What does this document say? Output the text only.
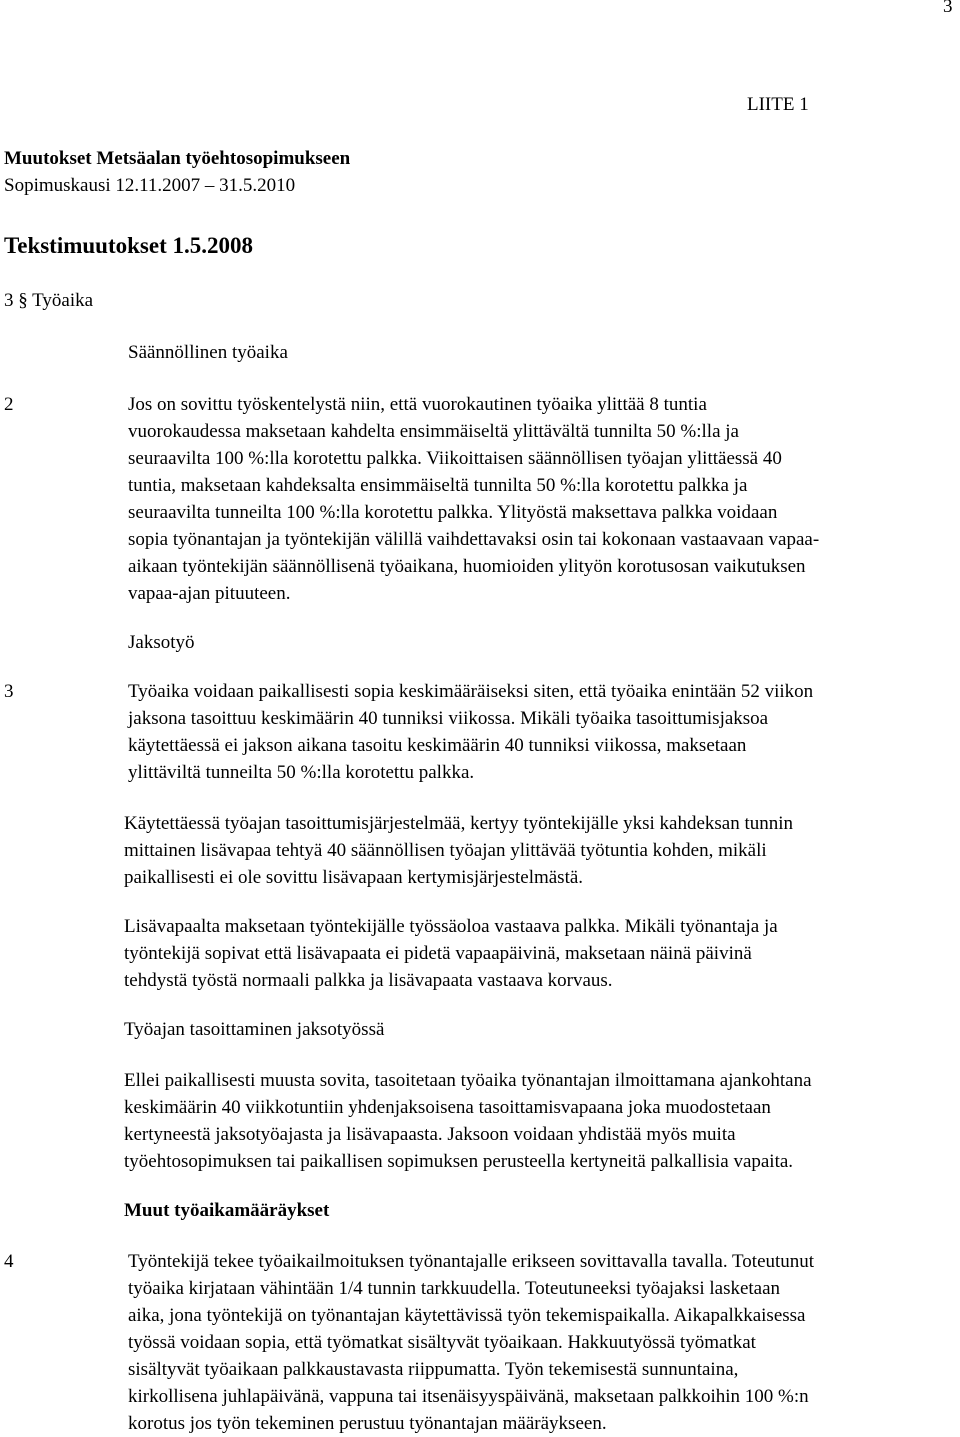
3
LIITE 1
Muutokset Metsäalan työehtosopimukseen
Sopimuskausi 12.11.2007 – 31.5.2010
Tekstimuutokset 1.5.2008
3 § Työaika
Säännöllinen työaika
2	Jos on sovittu työskentelystä niin, että vuorokautinen työaika ylittää 8 tuntia
vuorokaudessa maksetaan kahdelta ensimmäiseltä ylittävältä tunnilta 50 %:lla ja
seuraavilta 100 %:lla korotettu palkka. Viikoittaisen säännöllisen työajan ylittäessä 40
tuntia, maksetaan kahdeksalta ensimmäiseltä tunnilta 50 %:lla korotettu palkka ja
seuraavilta tunneilta 100 %:lla korotettu palkka. Ylityöstä maksettava palkka voidaan
sopia työnantajan ja työntekijän välillä vaihdettavaksi osin tai kokonaan vastaavaan vapaa-
aikaan työntekijän säännöllisenä työaikana, huomioiden ylityön korotusosan vaikutuksen
vapaa-ajan pituuteen.
Jaksotyö
3	Työaika voidaan paikallisesti sopia keskimääräiseksi siten, että työaika enintään 52 viikon
jaksona tasoittuu keskimäärin 40 tunniksi viikossa. Mikäli työaika tasoittumisjaksoa
käytettäessä ei jakson aikana tasoitu keskimäärin 40 tunniksi viikossa, maksetaan
ylittäviltä tunneilta 50 %:lla korotettu palkka.
Käytettäessä työajan tasoittumisjärjestelmää, kertyy työntekijälle yksi kahdeksan tunnin
mittainen lisävapaa tehtyä 40 säännöllisen työajan ylittävää työtuntia kohden, mikäli
paikallisesti ei ole sovittu lisävapaan kertymisjärjestelmästä.
Lisävapaalta maksetaan työntekijälle työssäoloa vastaava palkka. Mikäli työnantaja ja
työntekijä sopivat että lisävapaata ei pidetä vapaapäivinä, maksetaan näinä päivinä
tehdystä työstä normaali palkka ja lisävapaata vastaava korvaus.
Työajan tasoittaminen jaksotyössä
Ellei paikallisesti muusta sovita, tasoitetaan työaika työnantajan ilmoittamana ajankohtana
keskimäärin 40 viikkotuntiin yhdenjaksoisena tasoittamisvapaana joka muodostetaan
kertyneestä jaksotyöajasta ja lisävapaasta. Jaksoon voidaan yhdistää myös muita
työehtosopimuksen tai paikallisen sopimuksen perusteella kertyneitä palkallisia vapaita.
Muut työaikamääräykset
4	Työntekijä tekee työaikailmoituksen työnantajalle erikseen sovittavalla tavalla. Toteutunut
työaika kirjataan vähintään 1/4 tunnin tarkkuudella. Toteutuneeksi työajaksi lasketaan
aika, jona työntekijä on työnantajan käytettävissä työn tekemispaikalla. Aikapalkkaisessa
työssä voidaan sopia, että työmatkat sisältyvät työaikaan. Hakkuutyössä työmatkat
sisältyvät työaikaan palkkaustavasta riippumatta. Työn tekemisestä sunnuntaina,
kirkollisena juhlapäivänä, vappuna tai itsenäisyyspäivänä, maksetaan palkkoihin 100 %:n
korotus jos työn tekeminen perustuu työnantajan määräykseen.
